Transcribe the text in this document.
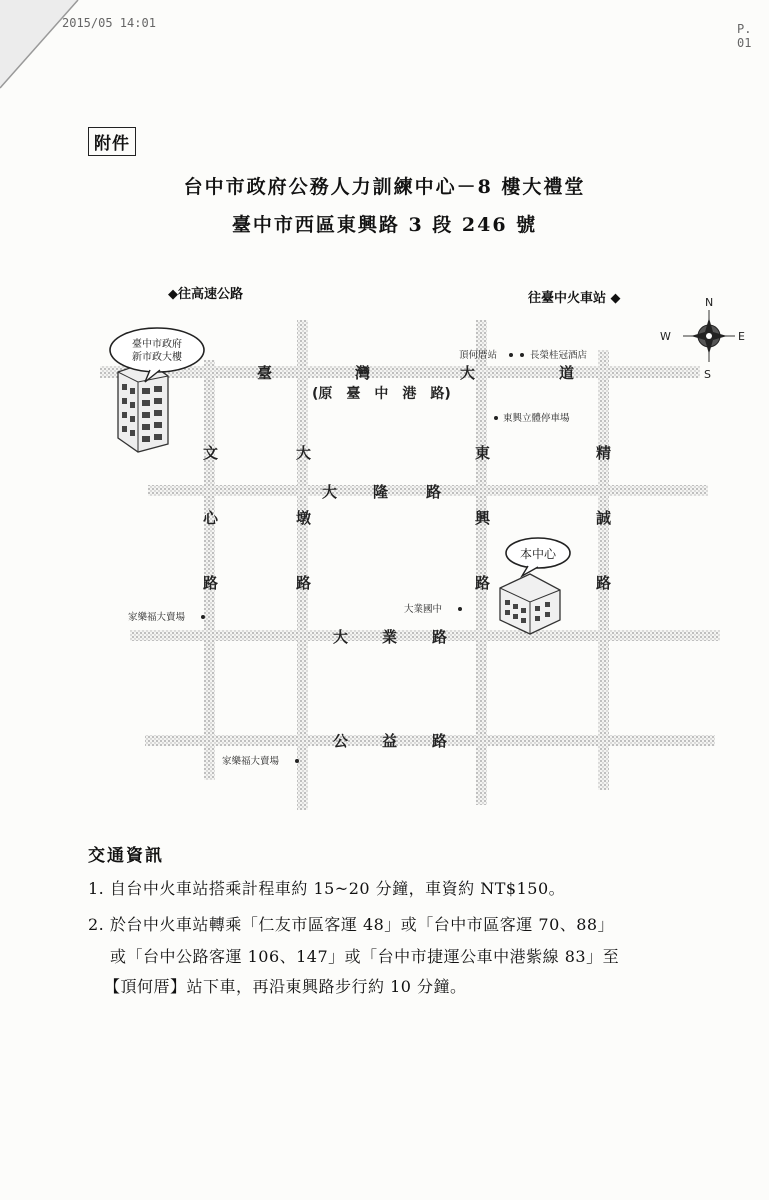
2015/05 14:01	P. 01
附件
台中市政府公務人力訓練中心－8 樓大禮堂
臺中市西區東興路 3 段 246 號
◆往高速公路	往臺中火車站 ◆
臺	灣	大	道
(原　臺　中　港　路)
文
心
路
大
墩
路
東
興
路
精
誠
路
大 隆	路
大 業 路
公 益 路
頂何厝站	長榮桂冠酒店
東興立體停車場
家樂福大賣場
大業國中
家樂福大賣場
臺中市政府
新市政大樓
本中心
N
S
W	E
交通資訊
1. 自台中火車站搭乘計程車約 15~20 分鐘，車資約 NT$150。
2. 於台中火車站轉乘「仁友市區客運 48」或「台中市區客運 70、88」
或「台中公路客運 106、147」或「台中市捷運公車中港紫線 83」至
【頂何厝】站下車，再沿東興路步行約 10 分鐘。
